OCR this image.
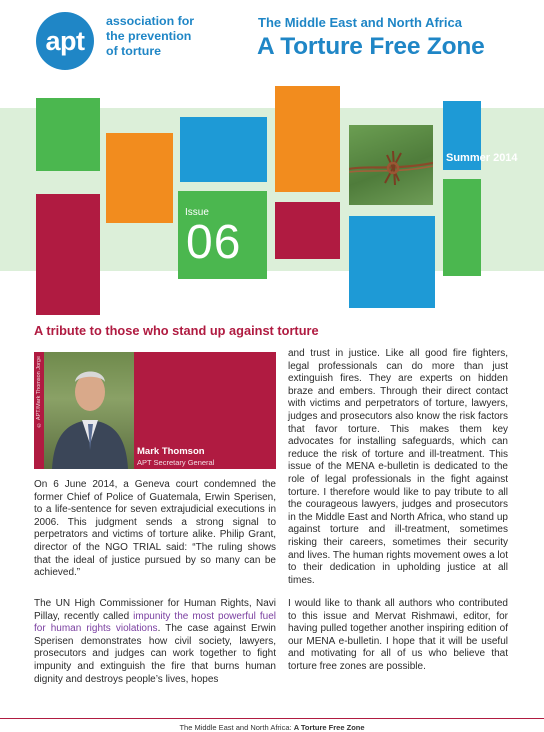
apt
association for
the prevention
of torture
The Middle East and North Africa
A Torture Free Zone
Issue
06
Summer 2014
A tribute to those who stand up against torture
© APT/Mark Thomson Jorge
Mark Thomson
APT Secretary General

On 6 June 2014, a Geneva court condemned the former Chief of Police of Guatemala, Erwin Sperisen, to a life-sentence for seven extrajudicial executions in 2006. This judgment sends a strong signal to perpetrators and victims of torture alike. Philip Grant, director of the NGO TRIAL said: “The ruling shows that the ideal of justice pursued by so many can be achieved.”

The UN High Commissioner for Human Rights, Navi Pillay, recently called impunity the most powerful fuel for human rights violations. The case against Erwin Sperisen demonstrates how civil society, lawyers, prosecutors and judges can work together to fight impunity and extinguish the fire that burns human dignity and destroys people’s lives, hopes

and trust in justice. Like all good fire fighters, legal professionals can do more than just extinguish fires. They are experts on hidden braze and embers. Through their direct contact with victims and perpetrators of torture, lawyers, judges and prosecutors also know the risk factors that favor torture. This makes them key advocates for installing safeguards, which can reduce the risk of torture and ill-treatment. This issue of the MENA e-bulletin is dedicated to the role of legal professionals in the fight against torture. I therefore would like to pay tribute to all the courageous lawyers, judges and prosecutors in the Middle East and North Africa, who stand up against torture and ill-treatment, sometimes risking their careers, sometimes their security and lives. The human rights movement owes a lot to their dedication in upholding justice at all times.

I would like to thank all authors who contributed to this issue and Mervat Rishmawi, editor, for having pulled together another inspiring edition of our MENA e-bulletin. I hope that it will be useful and motivating for all of us who believe that torture free zones are possible.

The Middle East and North Africa: A Torture Free Zone
